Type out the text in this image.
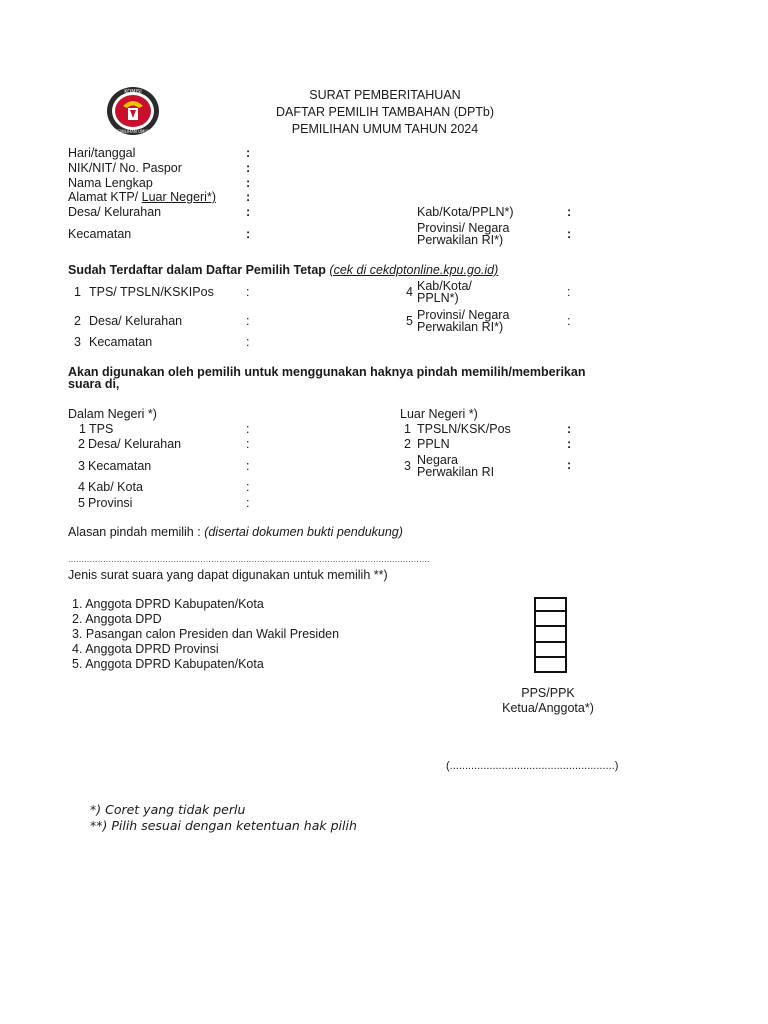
KOMISI
PEMILIHAN UMUM
SURAT PEMBERITAHUAN
DAFTAR PEMILIH TAMBAHAN (DPTb)
PEMILIHAN UMUM TAHUN 2024
Hari/tanggal	:
NIK/NIT/ No. Paspor	:
Nama Lengkap	:
Alamat KTP/ Luar Negeri*) :
Desa/ Kelurahan	:
Kecamatan	:
Kab/Kota/PPLN*)	:
Provinsi/ Negara
Perwakilan RI*)	:
Sudah Terdaftar dalam Daftar Pemilih Tetap (cek di cekdptonline.kpu.go.id)
1 TPS/ TPSLN/KSKIPos	:
2 Desa/ Kelurahan	:
3 Kecamatan	:
4 Kab/Kota/
PPLN*)	:
5 Provinsi/ Negara
Perwakilan RI*)	:
Akan digunakan oleh pemilih untuk menggunakan haknya pindah memilih/memberikan
suara di,
Dalam Negeri *)	Luar Negeri *)
1 TPS	:
2 Desa/ Kelurahan	:
3 Kecamatan	:
4 Kab/ Kota	:
5 Provinsi	:
1 TPSLN/KSK/Pos	:
2 PPLN	:
3 Negara
Perwakilan RI	:
Alasan pindah memilih : (disertai dokumen bukti pendukung)
......................................................................................................................................
Jenis surat suara yang dapat digunakan untuk memilih **)
1. Anggota DPRD Kabupaten/Kota
2. Anggota DPD
3. Pasangan calon Presiden dan Wakil Presiden
4. Anggota DPRD Provinsi
5. Anggota DPRD Kabupaten/Kota
PPS/PPK
Ketua/Anggota*)
(......................................................)
*) Coret yang tidak perlu
**) Pilih sesuai dengan ketentuan hak pilih
